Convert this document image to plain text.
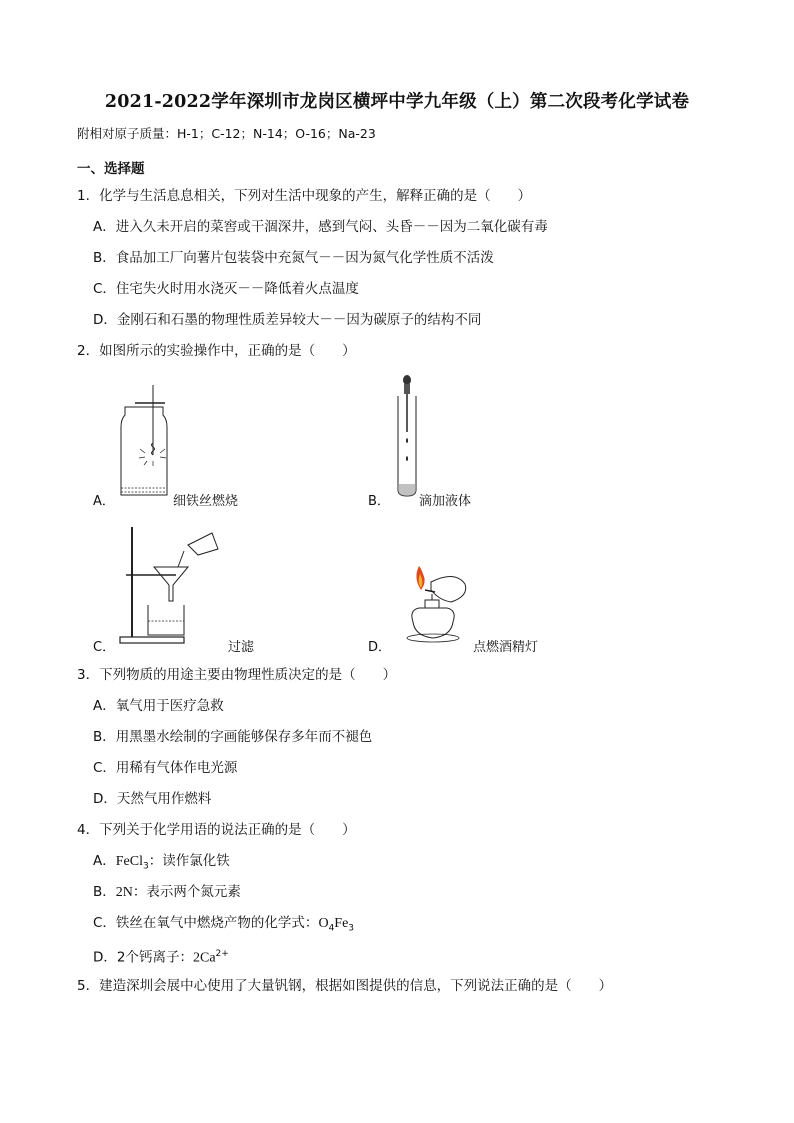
2021-2022学年深圳市龙岗区横坪中学九年级（上）第二次段考化学试卷
附相对原子质量：H-1；C-12；N-14；O-16；Na-23
一、选择题
1．化学与生活息息相关，下列对生活中现象的产生，解释正确的是（　　）
A．进入久未开启的菜窖或干涸深井，感到气闷、头昏－－因为二氧化碳有毒
B．食品加工厂向薯片包装袋中充氮气－－因为氮气化学性质不活泼
C．住宅失火时用水浇灭－－降低着火点温度
D．金刚石和石墨的物理性质差异较大－－因为碳原子的结构不同
2．如图所示的实验操作中，正确的是（　　）
A．	细铁丝燃烧	B． 滴加液体
C．	过滤	D．	点燃酒精灯
3．下列物质的用途主要由物理性质决定的是（　　）
A．氧气用于医疗急救
B．用黑墨水绘制的字画能够保存多年而不褪色
C．用稀有气体作电光源
D．天然气用作燃料
4．下列关于化学用语的说法正确的是（　　）
A．FeCl$_3$：读作氯化铁
B．2N：表示两个氮元素
C．铁丝在氧气中燃烧产物的化学式：$O_4Fe_3$
D．2个钙离子：$2Ca^{2+}$
5．建造深圳会展中心使用了大量钒钢，根据如图提供的信息，下列说法正确的是（　　）
